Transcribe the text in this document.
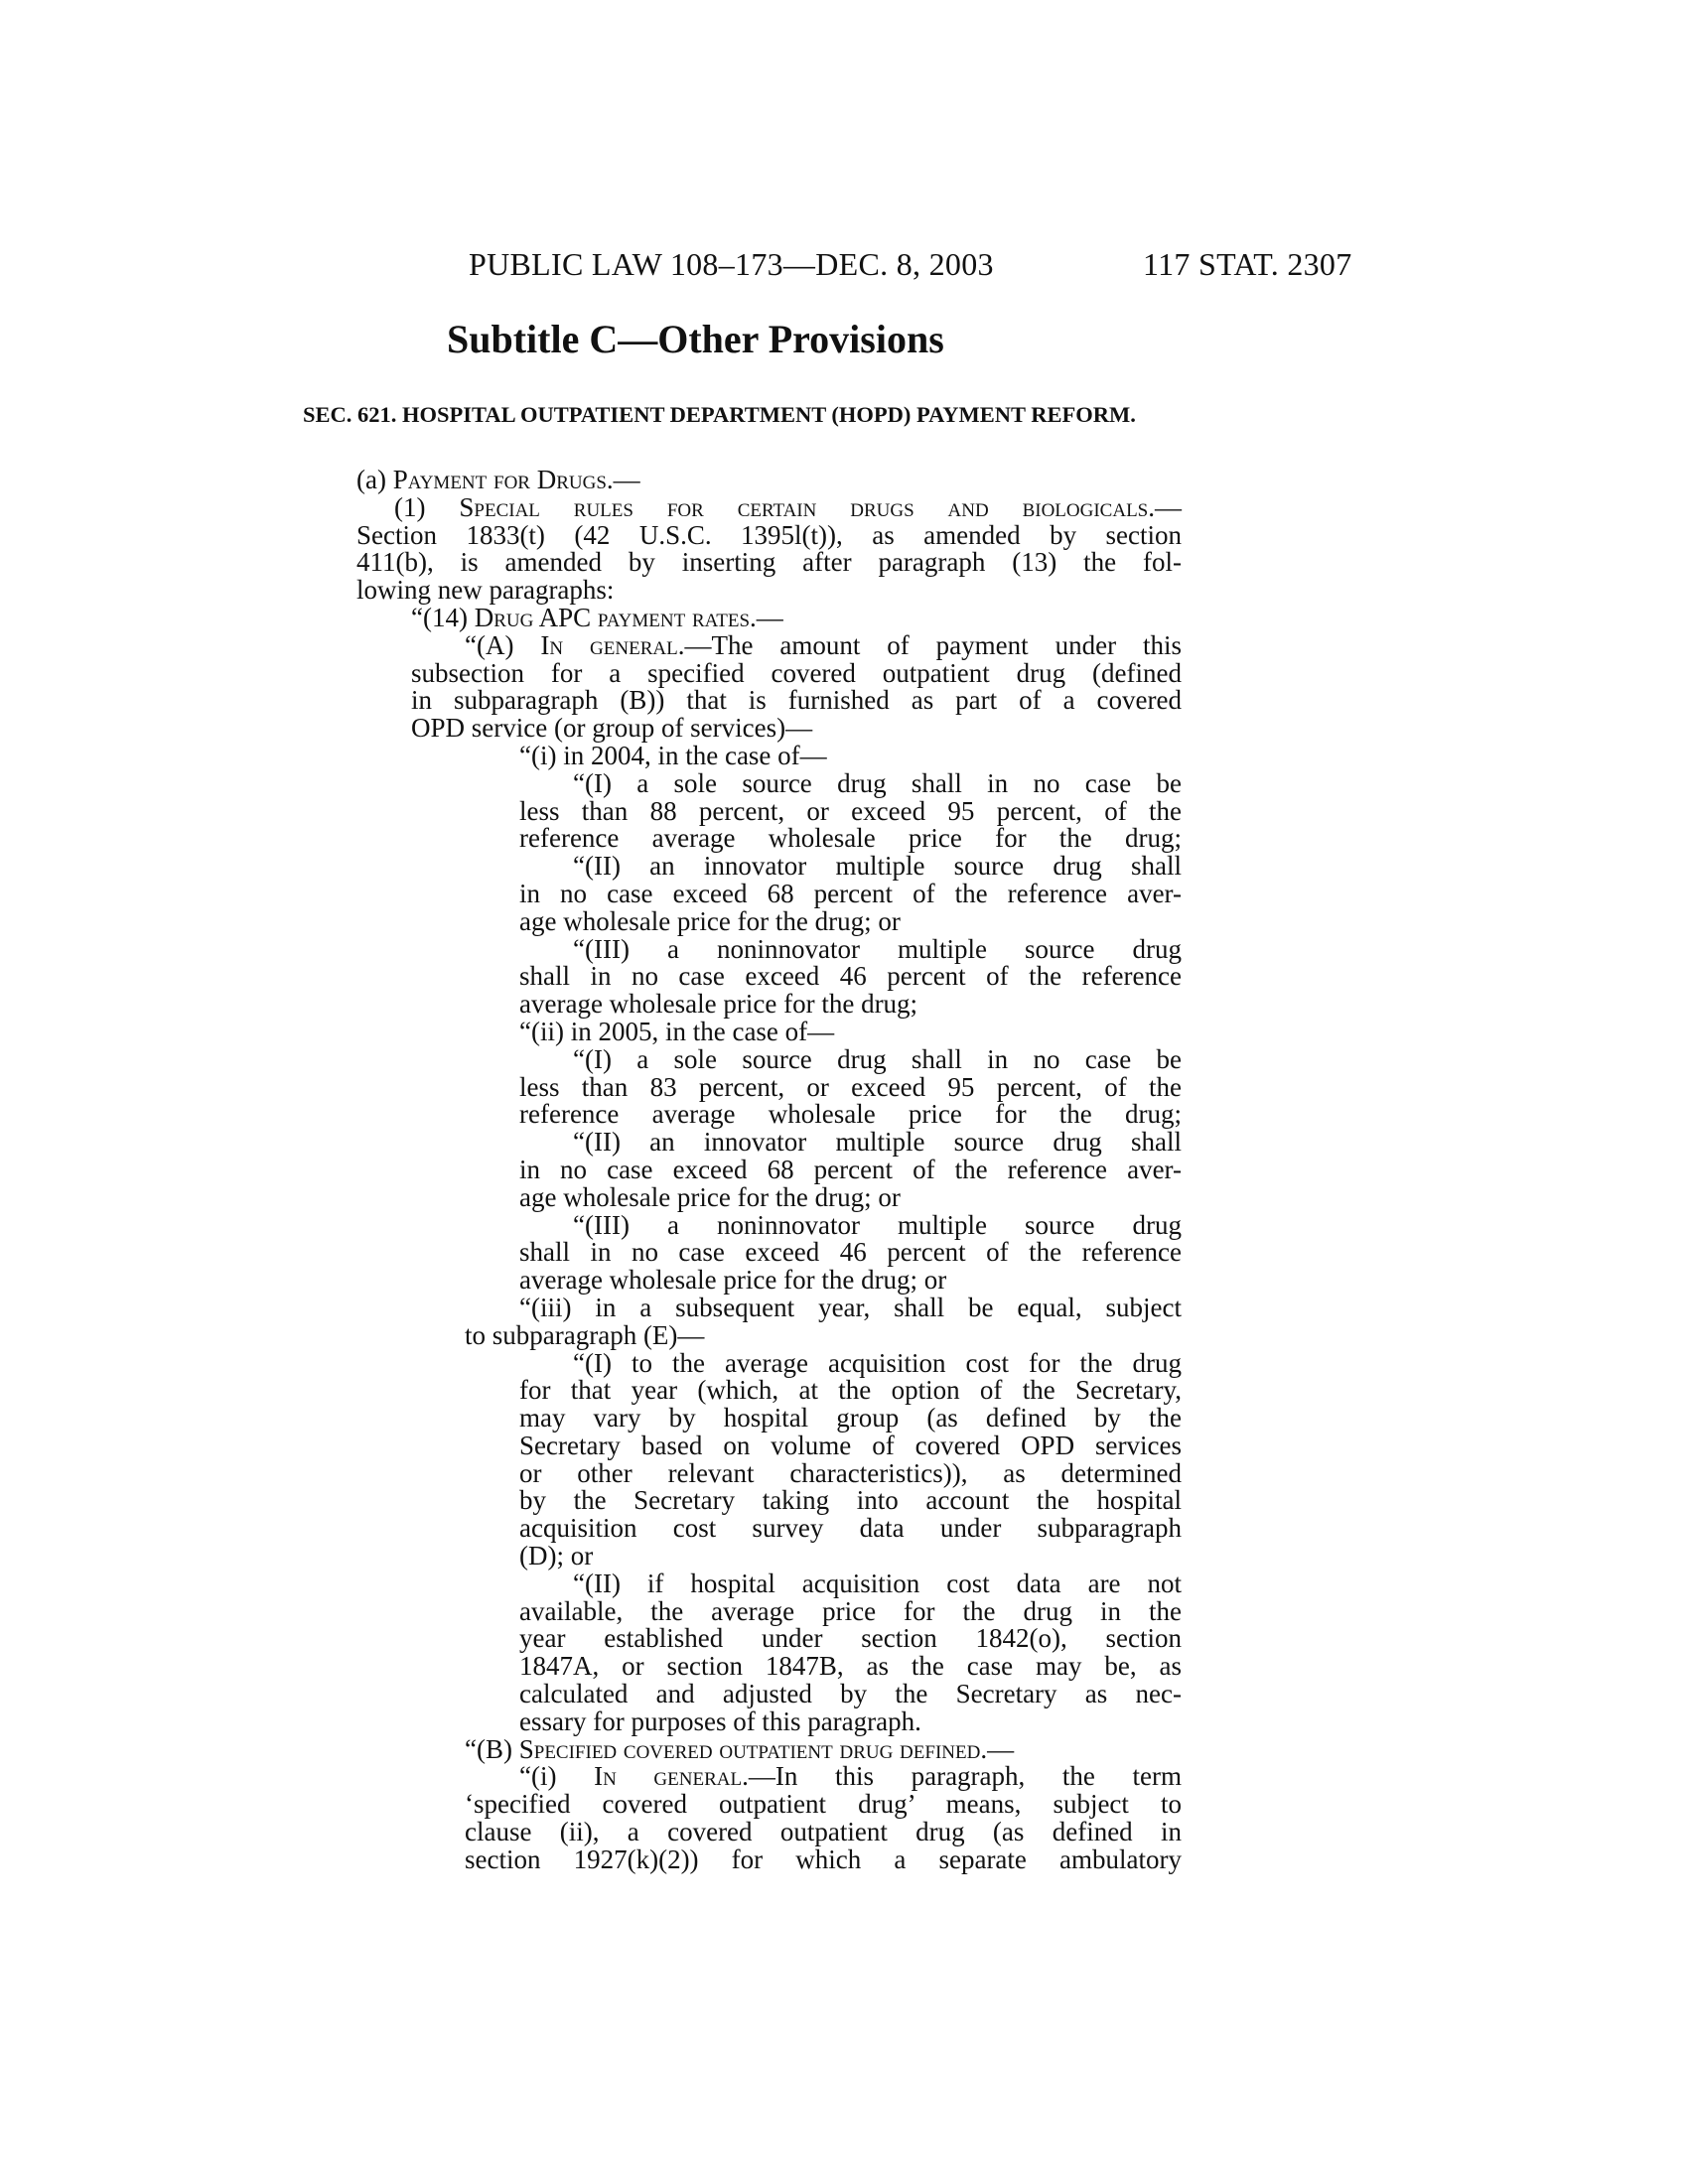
PUBLIC LAW 108–173—DEC. 8, 2003	117 STAT. 2307
Subtitle C—Other Provisions
SEC. 621. HOSPITAL OUTPATIENT DEPARTMENT (HOPD) PAYMENT REFORM.
(a) Payment for Drugs.—
(1) Special rules for certain drugs and biologicals.—
Section 1833(t) (42 U.S.C. 1395l(t)), as amended by section
411(b), is amended by inserting after paragraph (13) the fol-
lowing new paragraphs:
“(14) Drug APC payment rates.—
“(A) In general.—The amount of payment under this
subsection for a specified covered outpatient drug (defined
in subparagraph (B)) that is furnished as part of a covered
OPD service (or group of services)—
“(i) in 2004, in the case of—
“(I) a sole source drug shall in no case be
less than 88 percent, or exceed 95 percent, of the
reference average wholesale price for the drug;
“(II) an innovator multiple source drug shall
in no case exceed 68 percent of the reference aver-
age wholesale price for the drug; or
“(III) a noninnovator multiple source drug
shall in no case exceed 46 percent of the reference
average wholesale price for the drug;
“(ii) in 2005, in the case of—
“(I) a sole source drug shall in no case be
less than 83 percent, or exceed 95 percent, of the
reference average wholesale price for the drug;
“(II) an innovator multiple source drug shall
in no case exceed 68 percent of the reference aver-
age wholesale price for the drug; or
“(III) a noninnovator multiple source drug
shall in no case exceed 46 percent of the reference
average wholesale price for the drug; or
“(iii) in a subsequent year, shall be equal, subject
to subparagraph (E)—
“(I) to the average acquisition cost for the drug
for that year (which, at the option of the Secretary,
may vary by hospital group (as defined by the
Secretary based on volume of covered OPD services
or other relevant characteristics)), as determined
by the Secretary taking into account the hospital
acquisition cost survey data under subparagraph
(D); or
“(II) if hospital acquisition cost data are not
available, the average price for the drug in the
year established under section 1842(o), section
1847A, or section 1847B, as the case may be, as
calculated and adjusted by the Secretary as nec-
essary for purposes of this paragraph.
“(B) Specified covered outpatient drug defined.—
“(i) In general.—In this paragraph, the term
‘specified covered outpatient drug’ means, subject to
clause (ii), a covered outpatient drug (as defined in
section 1927(k)(2)) for which a separate ambulatory
